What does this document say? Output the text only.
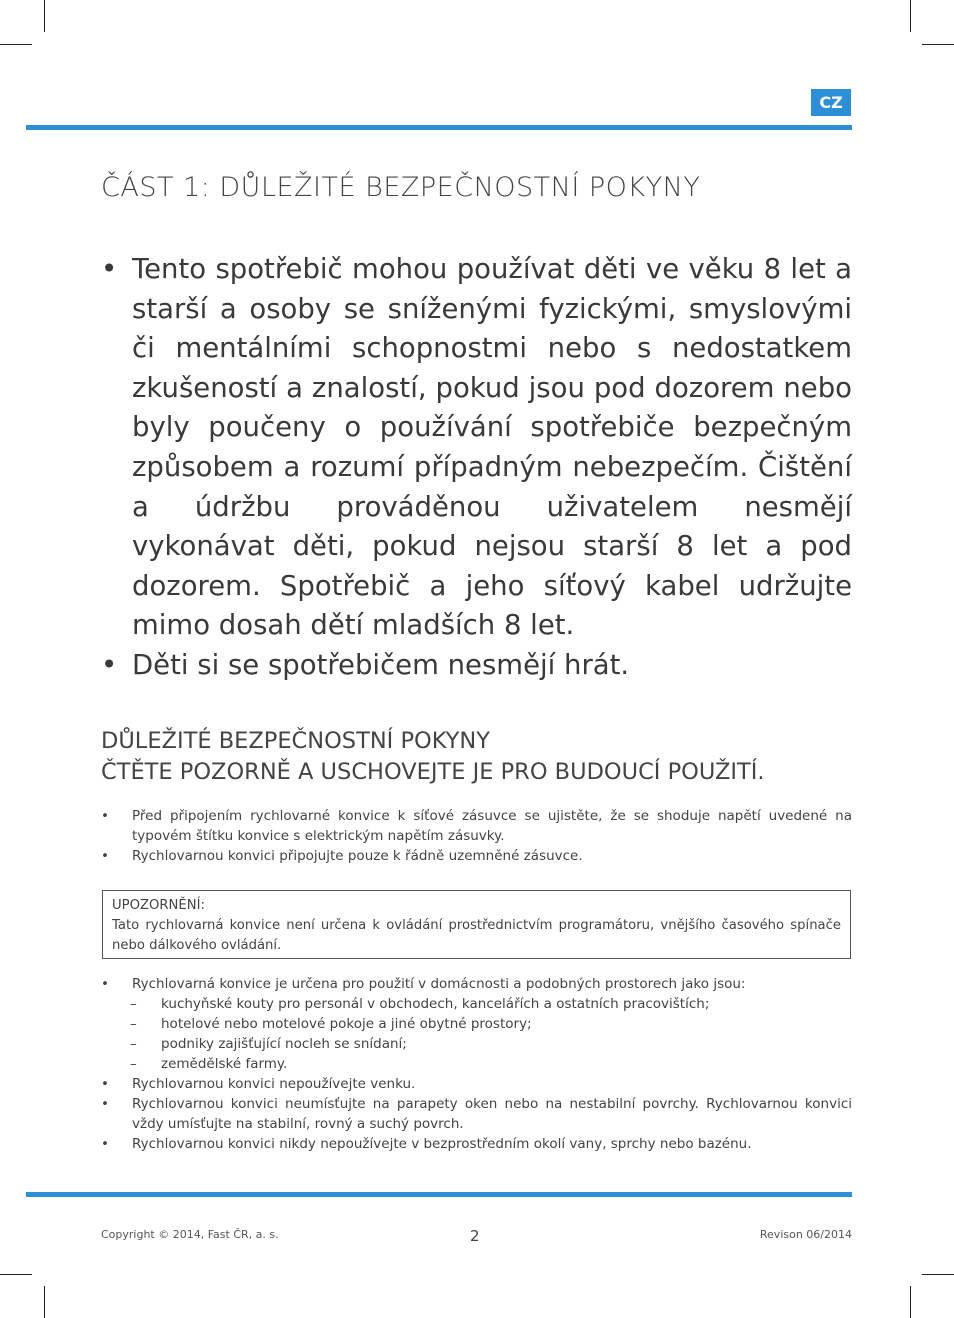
CZ
ČÁST 1: DŮLEŽITÉ BEZPEČNOSTNÍ POKYNY
• Tento spotřebič mohou používat děti ve věku 8 let a starší a osoby se sníženými fyzickými, smyslovými či mentálními schopnostmi nebo s nedostatkem zkušeností a znalostí, pokud jsou pod dozorem nebo byly poučeny o používání spotřebiče bezpečným způsobem a rozumí případným nebezpečím. Čištění a údržbu prováděnou uživatelem nesmějí vykonávat děti, pokud nejsou starší 8 let a pod dozorem. Spotřebič a jeho síťový kabel udržujte mimo dosah dětí mladších 8 let.
• Děti si se spotřebičem nesmějí hrát.
DŮLEŽITÉ BEZPEČNOSTNÍ POKYNY
ČTĚTE POZORNĚ A USCHOVEJTE JE PRO BUDOUCÍ POUŽITÍ.
• Před připojením rychlovarné konvice k síťové zásuvce se ujistěte, že se shoduje napětí uvedené na typovém štítku konvice s elektrickým napětím zásuvky.
• Rychlovarnou konvici připojujte pouze k řádně uzemněné zásuvce.
UPOZORNĚNÍ:
Tato rychlovarná konvice není určena k ovládání prostřednictvím programátoru, vnějšího časového spínače nebo dálkového ovládání.
• Rychlovarná konvice je určena pro použití v domácnosti a podobných prostorech jako jsou:
– kuchyňské kouty pro personál v obchodech, kancelářích a ostatních pracovištích;
– hotelové nebo motelové pokoje a jiné obytné prostory;
– podniky zajišťující nocleh se snídaní;
– zemědělské farmy.
• Rychlovarnou konvici nepoužívejte venku.
• Rychlovarnou konvici neumísťujte na parapety oken nebo na nestabilní povrchy. Rychlovarnou konvici vždy umísťujte na stabilní, rovný a suchý povrch.
• Rychlovarnou konvici nikdy nepoužívejte v bezprostředním okolí vany, sprchy nebo bazénu.
Copyright © 2014, Fast ČR, a. s.	2	Revison 06/2014
